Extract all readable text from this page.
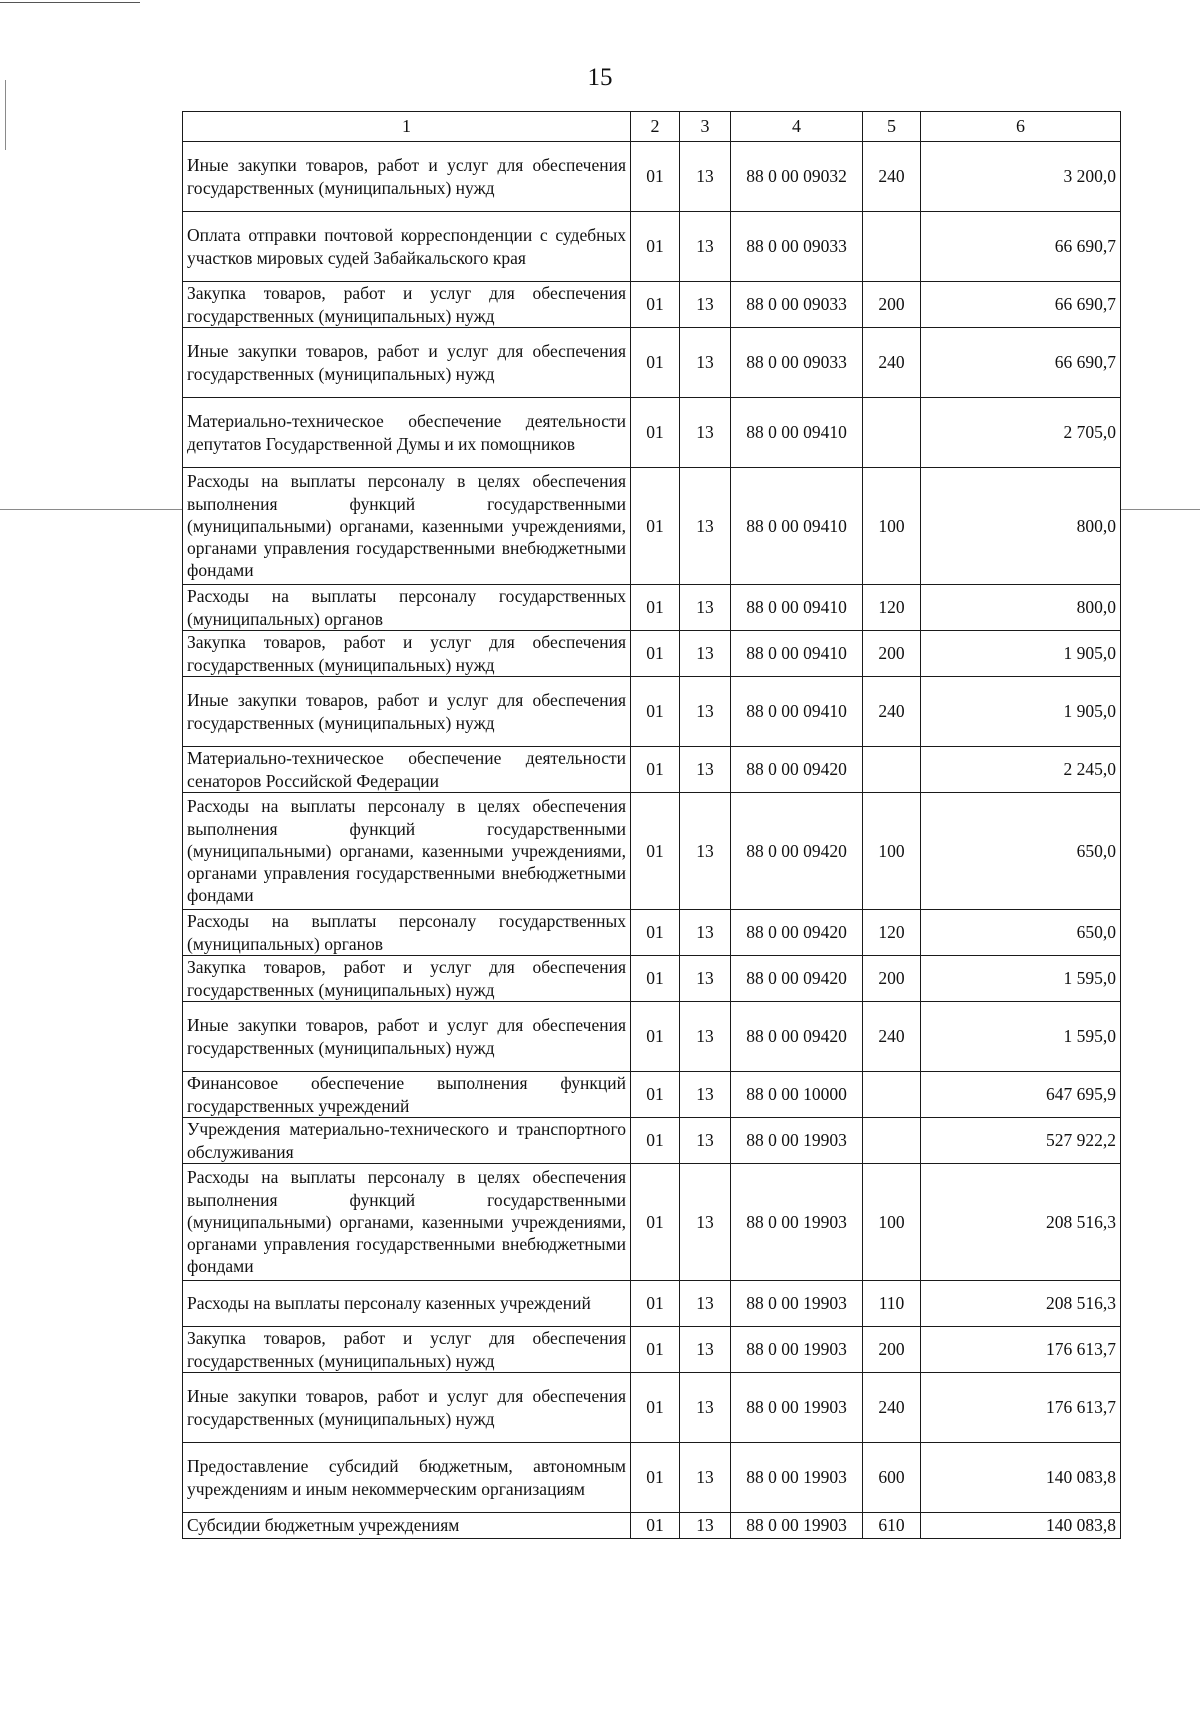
15
1	2	3	4	5	6
Иные закупки товаров, работ и услуг для обеспечения государственных (муниципальных) нужд	01	13	88 0 00 09032	240	3 200,0
Оплата отправки почтовой корреспонденции с судебных участков мировых судей Забайкальского края	01	13	88 0 00 09033		66 690,7
Закупка товаров, работ и услуг для обеспечения государственных (муниципальных) нужд	01	13	88 0 00 09033	200	66 690,7
Иные закупки товаров, работ и услуг для обеспечения государственных (муниципальных) нужд	01	13	88 0 00 09033	240	66 690,7
Материально-техническое обеспечение деятельности депутатов Государственной Думы и их помощников	01	13	88 0 00 09410		2 705,0
Расходы на выплаты персоналу в целях обеспечения выполнения функций государственными (муниципальными) органами, казенными учреждениями, органами управления государственными внебюджетными фондами	01	13	88 0 00 09410	100	800,0
Расходы на выплаты персоналу государственных (муниципальных) органов	01	13	88 0 00 09410	120	800,0
Закупка товаров, работ и услуг для обеспечения государственных (муниципальных) нужд	01	13	88 0 00 09410	200	1 905,0
Иные закупки товаров, работ и услуг для обеспечения государственных (муниципальных) нужд	01	13	88 0 00 09410	240	1 905,0
Материально-техническое обеспечение деятельности сенаторов Российской Федерации	01	13	88 0 00 09420		2 245,0
Расходы на выплаты персоналу в целях обеспечения выполнения функций государственными (муниципальными) органами, казенными учреждениями, органами управления государственными внебюджетными фондами	01	13	88 0 00 09420	100	650,0
Расходы на выплаты персоналу государственных (муниципальных) органов	01	13	88 0 00 09420	120	650,0
Закупка товаров, работ и услуг для обеспечения государственных (муниципальных) нужд	01	13	88 0 00 09420	200	1 595,0
Иные закупки товаров, работ и услуг для обеспечения государственных (муниципальных) нужд	01	13	88 0 00 09420	240	1 595,0
Финансовое обеспечение выполнения функций государственных учреждений	01	13	88 0 00 10000		647 695,9
Учреждения материально-технического и транспортного обслуживания	01	13	88 0 00 19903		527 922,2
Расходы на выплаты персоналу в целях обеспечения выполнения функций государственными (муниципальными) органами, казенными учреждениями, органами управления государственными внебюджетными фондами	01	13	88 0 00 19903	100	208 516,3
Расходы на выплаты персоналу казенных учреждений	01	13	88 0 00 19903	110	208 516,3
Закупка товаров, работ и услуг для обеспечения государственных (муниципальных) нужд	01	13	88 0 00 19903	200	176 613,7
Иные закупки товаров, работ и услуг для обеспечения государственных (муниципальных) нужд	01	13	88 0 00 19903	240	176 613,7
Предоставление субсидий бюджетным, автономным учреждениям и иным некоммерческим организациям	01	13	88 0 00 19903	600	140 083,8
Субсидии бюджетным учреждениям	01	13	88 0 00 19903	610	140 083,8
